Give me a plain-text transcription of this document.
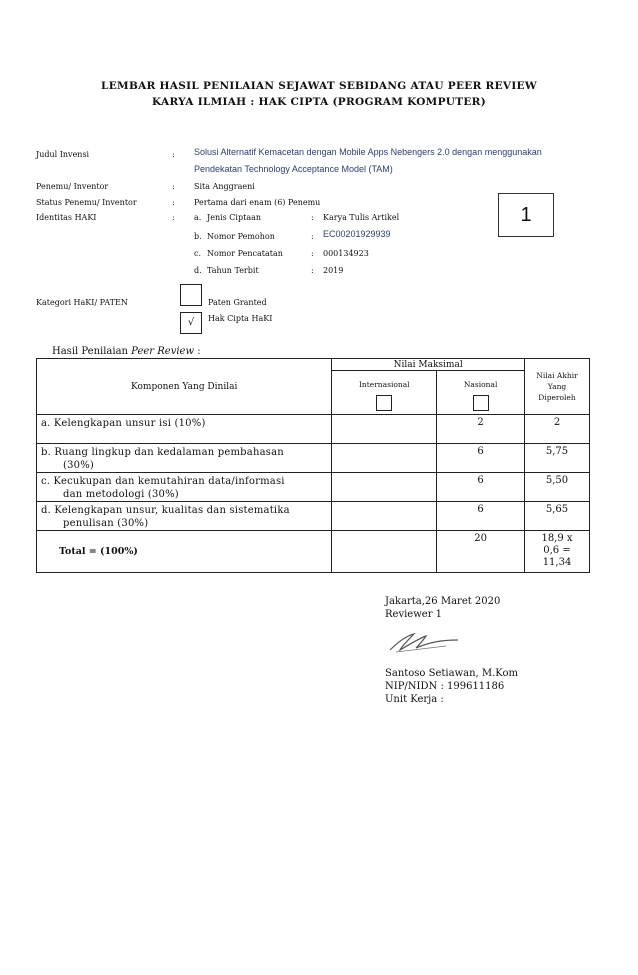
LEMBAR HASIL PENILAIAN SEJAWAT SEBIDANG ATAU PEER REVIEW
KARYA ILMIAH : HAK CIPTA (PROGRAM KOMPUTER)
Judul Invensi	: Solusi Alternatif Kemacetan dengan Mobile Apps Nebengers 2.0 dengan menggunakan
Pendekatan Technology Acceptance Model (TAM)
Penemu/ Inventor	: Sita Anggraeni
Status Penemu/ Inventor	: Pertama dari enam (6) Penemu
Identitas HAKI	: a. Jenis Ciptaan	: Karya Tulis Artikel
b. Nomor Pemohon	: EC00201929939
c. Nomor Pencatatan	: 000134923
d. Tahun Terbit	: 2019
1
Kategori HaKI/ PATEN	Paten Granted
√	Hak Cipta HaKI
Hasil Penilaian Peer Review :
Komponen Yang Dinilai	Nilai Maksimal		Nilai Akhir Yang Diperoleh

	Internasional	Nasional	

a. Kelengkapan unsur isi (10%)		2	2
b. Ruang lingkup dan kedalaman pembahasan
(30%)		6	5,75
c. Kecukupan dan kemutahiran data/informasi
dan metodologi (30%)		6	5,50
d. Kelengkapan unsur, kualitas dan sistematika
penulisan (30%)		6	5,65
Total = (100%)		20	18,9 x
0,6 =
11,34
Jakarta,26 Maret 2020
Reviewer 1
Santoso Setiawan, M.Kom
NIP/NIDN : 199611186
Unit Kerja :
